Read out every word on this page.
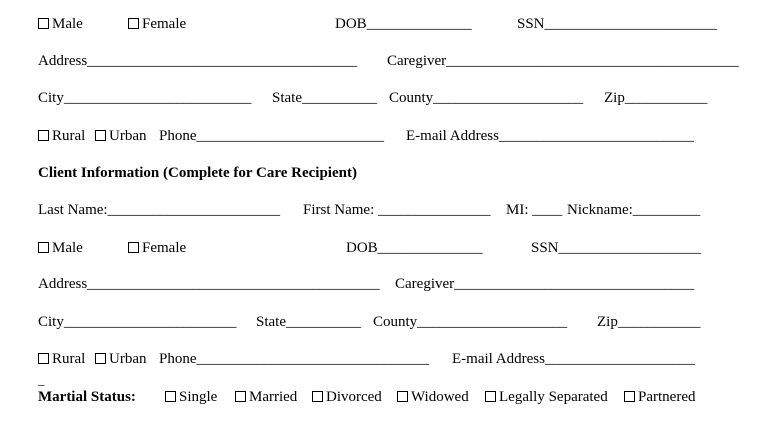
Male	Female	DOB______________	SSN_______________________
Address____________________________________ Caregiver_______________________________________
City_________________________ State__________ County____________________ Zip___________
Rural	Urban Phone_________________________ E-mail Address__________________________
Client Information (Complete for Care Recipient)
Last Name:_______________________ First Name: _______________ MI: ____ Nickname:_________
Male	Female	DOB______________	SSN___________________
Address_______________________________________ Caregiver________________________________
City_______________________ State__________ County____________________ Zip___________
Rural	Urban Phone_______________________________ E-mail Address____________________
_
Martial Status:	Single	Married	Divorced	Widowed	Legally Separated	Partnered
